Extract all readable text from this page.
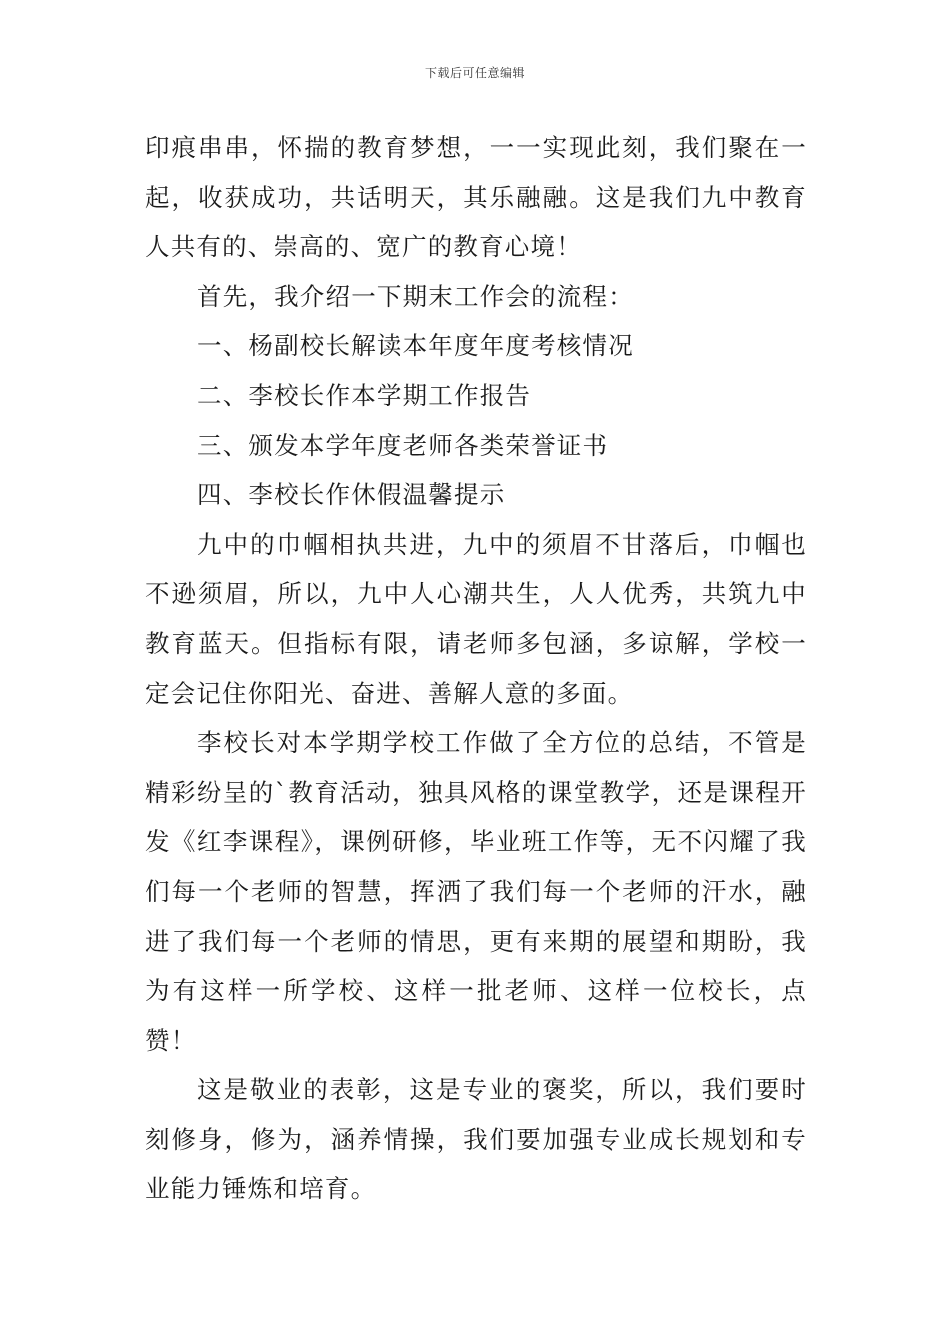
下载后可任意编辑

印痕串串，怀揣的教育梦想，一一实现此刻，我们聚在一起，收获成功，共话明天，其乐融融。这是我们九中教育人共有的、崇高的、宽广的教育心境！

首先，我介绍一下期末工作会的流程：

一、杨副校长解读本年度年度考核情况

二、李校长作本学期工作报告

三、颁发本学年度老师各类荣誉证书

四、李校长作休假温馨提示

九中的巾帼相执共进，九中的须眉不甘落后，巾帼也不逊须眉，所以，九中人心潮共生，人人优秀，共筑九中教育蓝天。但指标有限，请老师多包涵，多谅解，学校一定会记住你阳光、奋进、善解人意的多面。

李校长对本学期学校工作做了全方位的总结，不管是精彩纷呈的`教育活动，独具风格的课堂教学，还是课程开发《红李课程》，课例研修，毕业班工作等，无不闪耀了我们每一个老师的智慧，挥洒了我们每一个老师的汗水，融进了我们每一个老师的情思，更有来期的展望和期盼，我为有这样一所学校、这样一批老师、这样一位校长，点赞！

这是敬业的表彰，这是专业的褒奖，所以，我们要时刻修身，修为，涵养情操，我们要加强专业成长规划和专业能力锤炼和培育。
